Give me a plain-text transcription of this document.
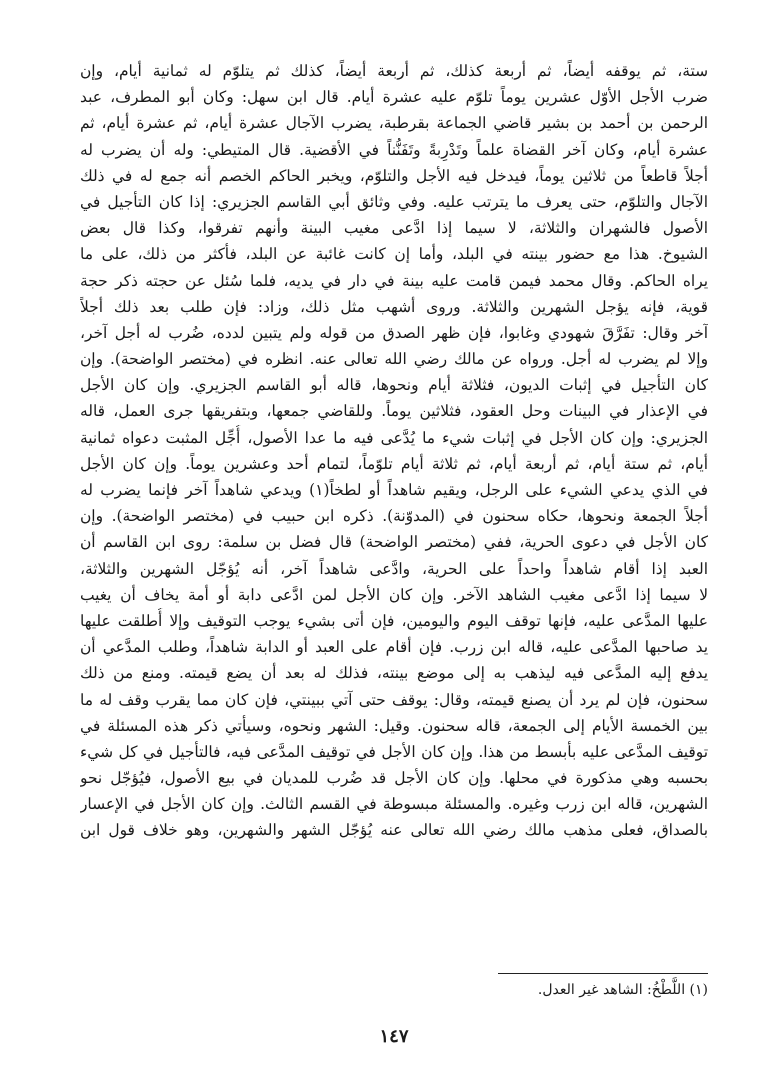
ستة، ثم يوقفه أيضاً، ثم أربعة كذلك، ثم أربعة أيضاً، كذلك ثم يتلوّم له ثمانية أيام، وإن
ضرب الأجل الأوّل عشرين يوماً تلوّم عليه عشرة أيام. قال ابن سهل: وكان أبو المطرف، عبد
الرحمن بن أحمد بن بشير قاضي الجماعة بقرطبة، يضرب الآجال عشرة أيام، ثم عشرة أيام، ثم
عشرة أيام، وكان آخر القضاة علماً وتَدْرِبةً وتَفَنُّناً في الأقضية. قال المتيطي: وله أن يضرب له
أجلاً قاطعاً من ثلاثين يوماً، فيدخل فيه الأجل والتلوّم، ويخبر الحاكم الخصم أنه جمع له في ذلك
الآجال والتلوّم، حتى يعرف ما يترتب عليه. وفي وثائق أبي القاسم الجزيري: إذا كان التأجيل في
الأصول فالشهران والثلاثة، لا سيما إذا ادَّعى مغيب البينة وأنهم تفرقوا، وكذا قال بعض
الشيوخ. هذا مع حضور بينته في البلد، وأما إن كانت غائبة عن البلد، فأكثر من ذلك، على ما
يراه الحاكم. وقال محمد فيمن قامت عليه بينة في دار في يديه، فلما سُئل عن حجته ذكر حجة
قوية، فإنه يؤجل الشهرين والثلاثة. وروى أشهب مثل ذلك، وزاد: فإن طلب بعد ذلك أجلاً
آخر وقال: تفَرَّقَ شهودي وغابوا، فإن ظهر الصدق من قوله ولم يتبين لدده، ضُرب له أجل آخر،
وإلا لم يضرب له أجل. ورواه عن مالك رضي الله تعالى عنه. انظره في (مختصر الواضحة). وإن
كان التأجيل في إثبات الديون، فثلاثة أيام ونحوها، قاله أبو القاسم الجزيري. وإن كان الأجل
في الإعذار في البينات وحل العقود، فثلاثين يوماً. وللقاضي جمعها، وبتفريقها جرى العمل، قاله
الجزيري: وإن كان الأجل في إثبات شيء ما يُدَّعى فيه ما عدا الأصول، أُجِّل المثبت دعواه ثمانية
أيام، ثم ستة أيام، ثم أربعة أيام، ثم ثلاثة أيام تلوّماً، لتمام أحد وعشرين يوماً. وإن كان الأجل
في الذي يدعي الشيء على الرجل، ويقيم شاهداً أو لطخاً(١) ويدعي شاهداً آخر فإنما يضرب له
أجلاً الجمعة ونحوها، حكاه سحنون في (المدوّنة). ذكره ابن حبيب في (مختصر الواضحة). وإن
كان الأجل في دعوى الحرية، ففي (مختصر الواضحة) قال فضل بن سلمة: روى ابن القاسم أن
العبد إذا أقام شاهداً واحداً على الحرية، وادَّعى شاهداً آخر، أنه يُؤجّل الشهرين والثلاثة،
لا سيما إذا ادَّعى مغيب الشاهد الآخر. وإن كان الأجل لمن ادَّعى دابة أو أمة يخاف أن يغيب
عليها المدَّعى عليه، فإنها توقف اليوم واليومين، فإن أتى بشيء يوجب التوقيف وإلا أُطلقت عليها
يد صاحبها المدَّعى عليه، قاله ابن زرب. فإن أقام على العبد أو الدابة شاهداً، وطلب المدَّعي أن
يدفع إليه المدَّعى فيه ليذهب به إلى موضع بينته، فذلك له بعد أن يضع قيمته. ومنع من ذلك
سحنون، فإن لم يرد أن يصنع قيمته، وقال: يوقف حتى آتي ببينتي، فإن كان مما يقرب وقف له ما
بين الخمسة الأيام إلى الجمعة، قاله سحنون. وقيل: الشهر ونحوه، وسيأتي ذكر هذه المسئلة في
توقيف المدَّعى عليه بأبسط من هذا. وإن كان الأجل في توقيف المدَّعى فيه، فالتأجيل في كل شيء
بحسبه وهي مذكورة في محلها. وإن كان الأجل قد ضُرب للمديان في بيع الأصول، فيُؤجّل نحو
الشهرين، قاله ابن زرب وغيره. والمسئلة مبسوطة في القسم الثالث. وإن كان الأجل في الإعسار
بالصداق، فعلى مذهب مالك رضي الله تعالى عنه يُؤجّل الشهر والشهرين، وهو خلاف قول ابن
(١) اللَّطْخُ: الشاهد غير العدل.
١٤٧
